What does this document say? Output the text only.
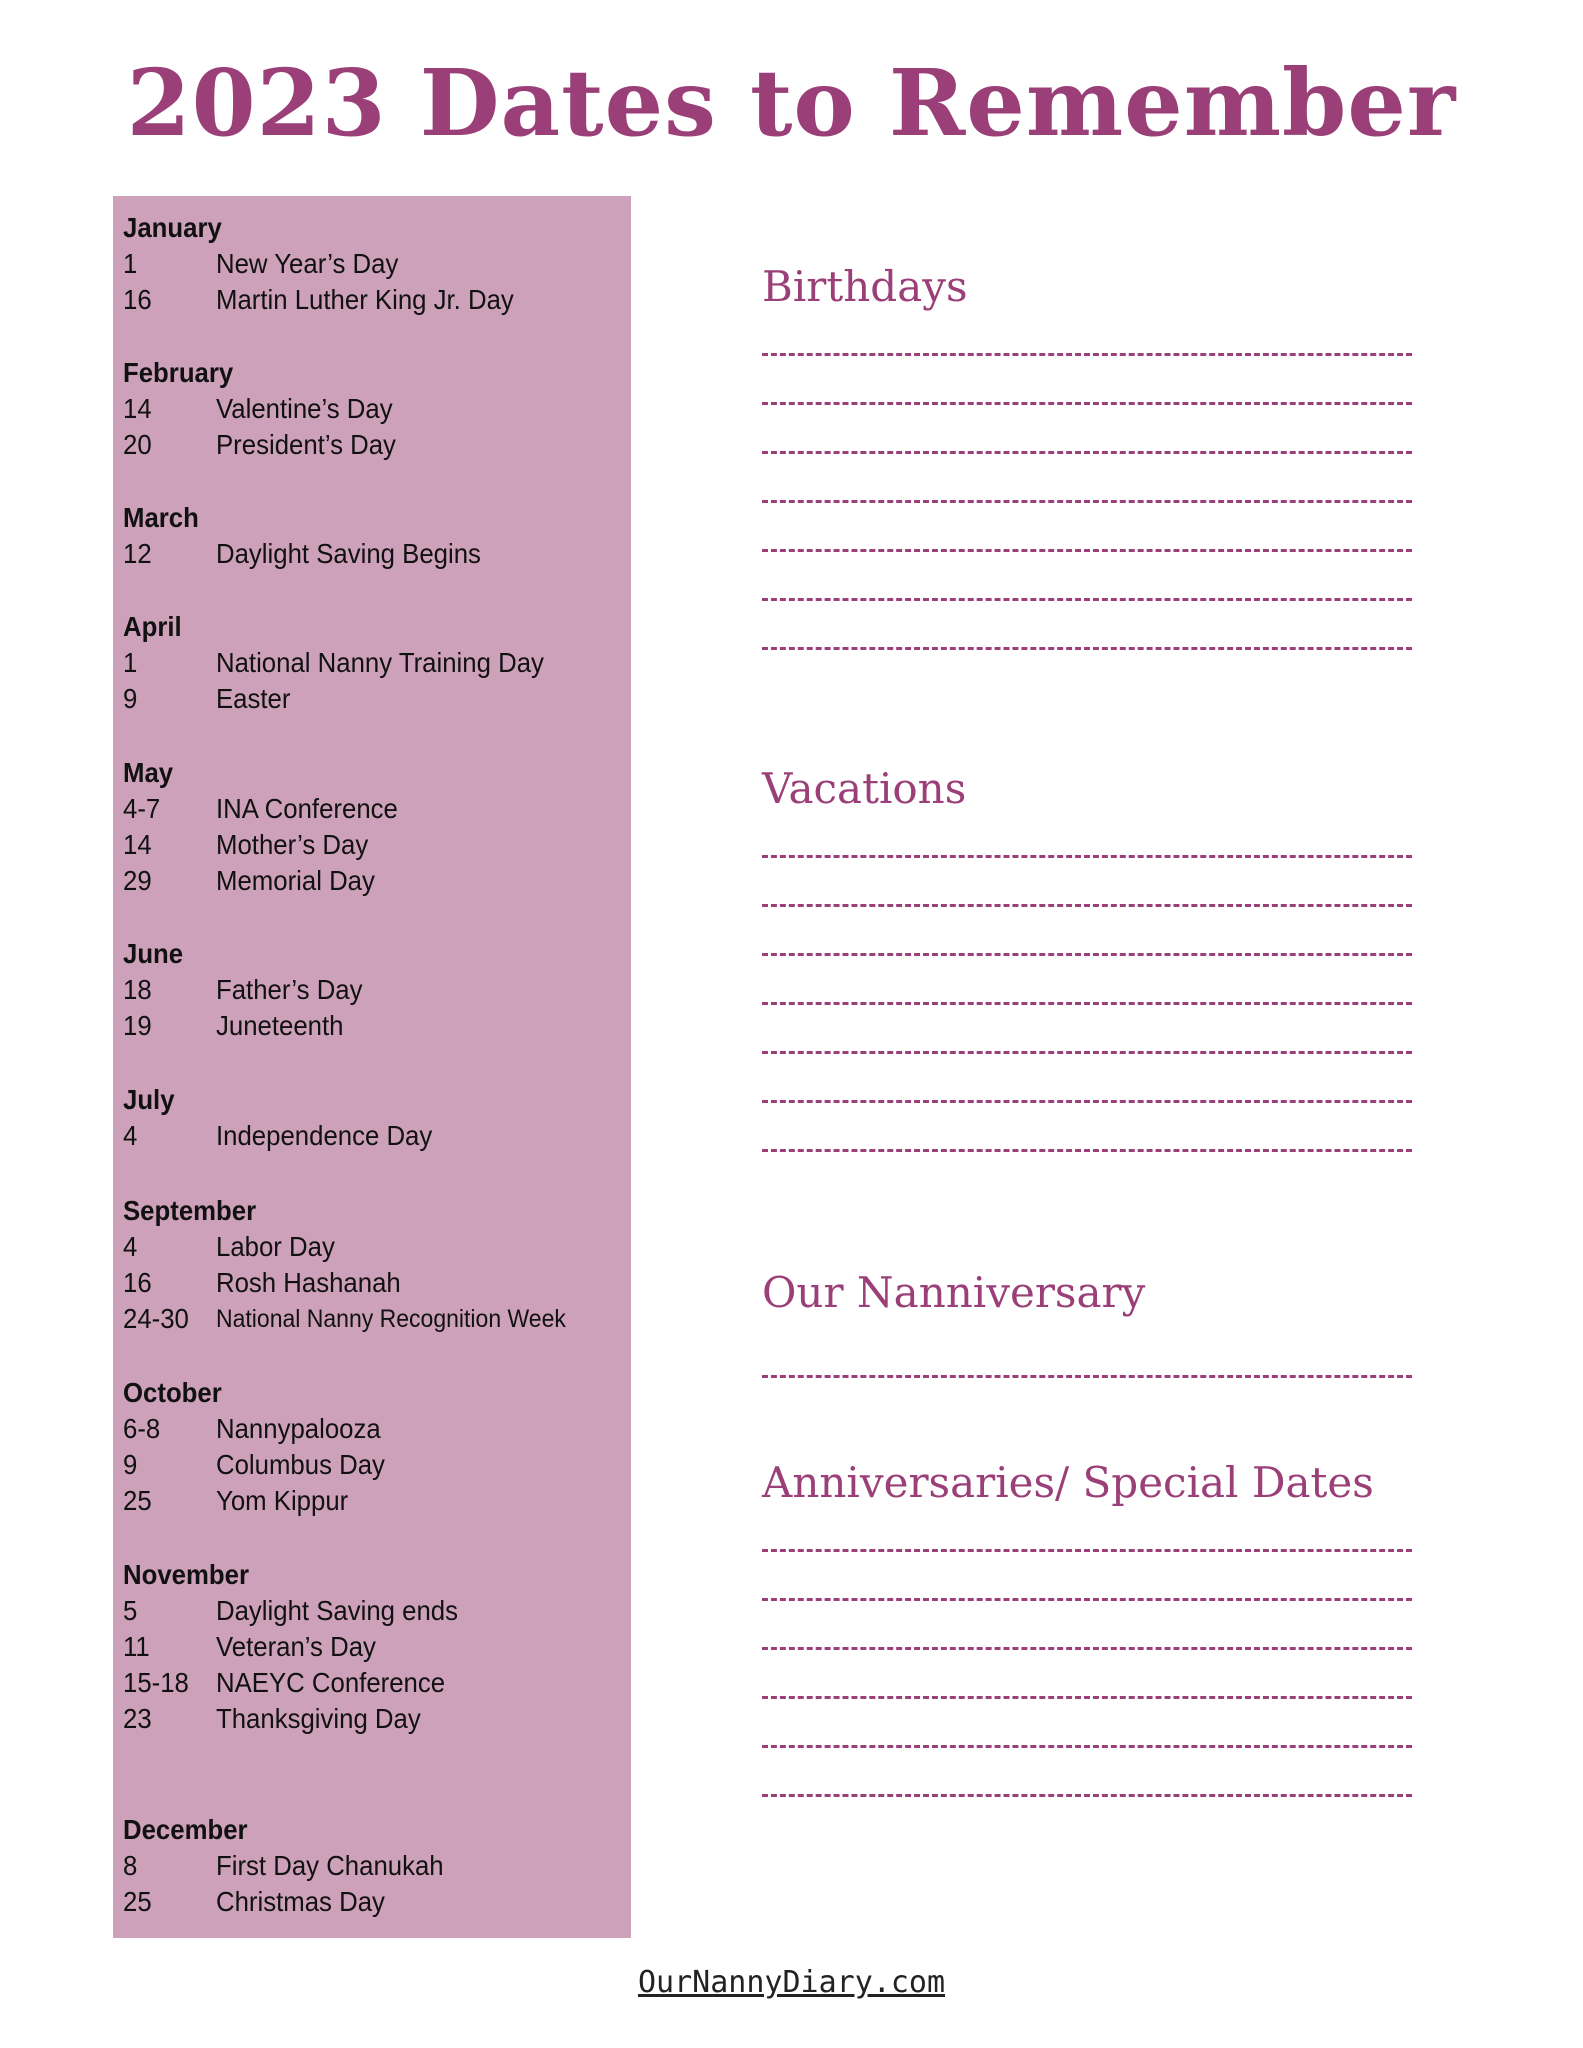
2023 Dates to Remember
January
1	New Year’s Day
16 Martin Luther King Jr. Day
February
14 Valentine’s Day
20 President’s Day
March
12 Daylight Saving Begins
April
1	National Nanny Training Day
9	Easter
May
4-7 INA Conference
14 Mother’s Day
29 Memorial Day
June
18 Father’s Day
19 Juneteenth
July
4	Independence Day
September
4	Labor Day
16 Rosh Hashanah
24-30 National Nanny Recognition Week
October
6-8 Nannypalooza
9	Columbus Day
25 Yom Kippur
November
5	Daylight Saving ends
11 Veteran’s Day
15-18 NAEYC Conference
23 Thanksgiving Day
December
8	First Day Chanukah
25 Christmas Day
Birthdays
Vacations
Our Nanniversary
Anniversaries/ Special Dates
OurNannyDiary.com
